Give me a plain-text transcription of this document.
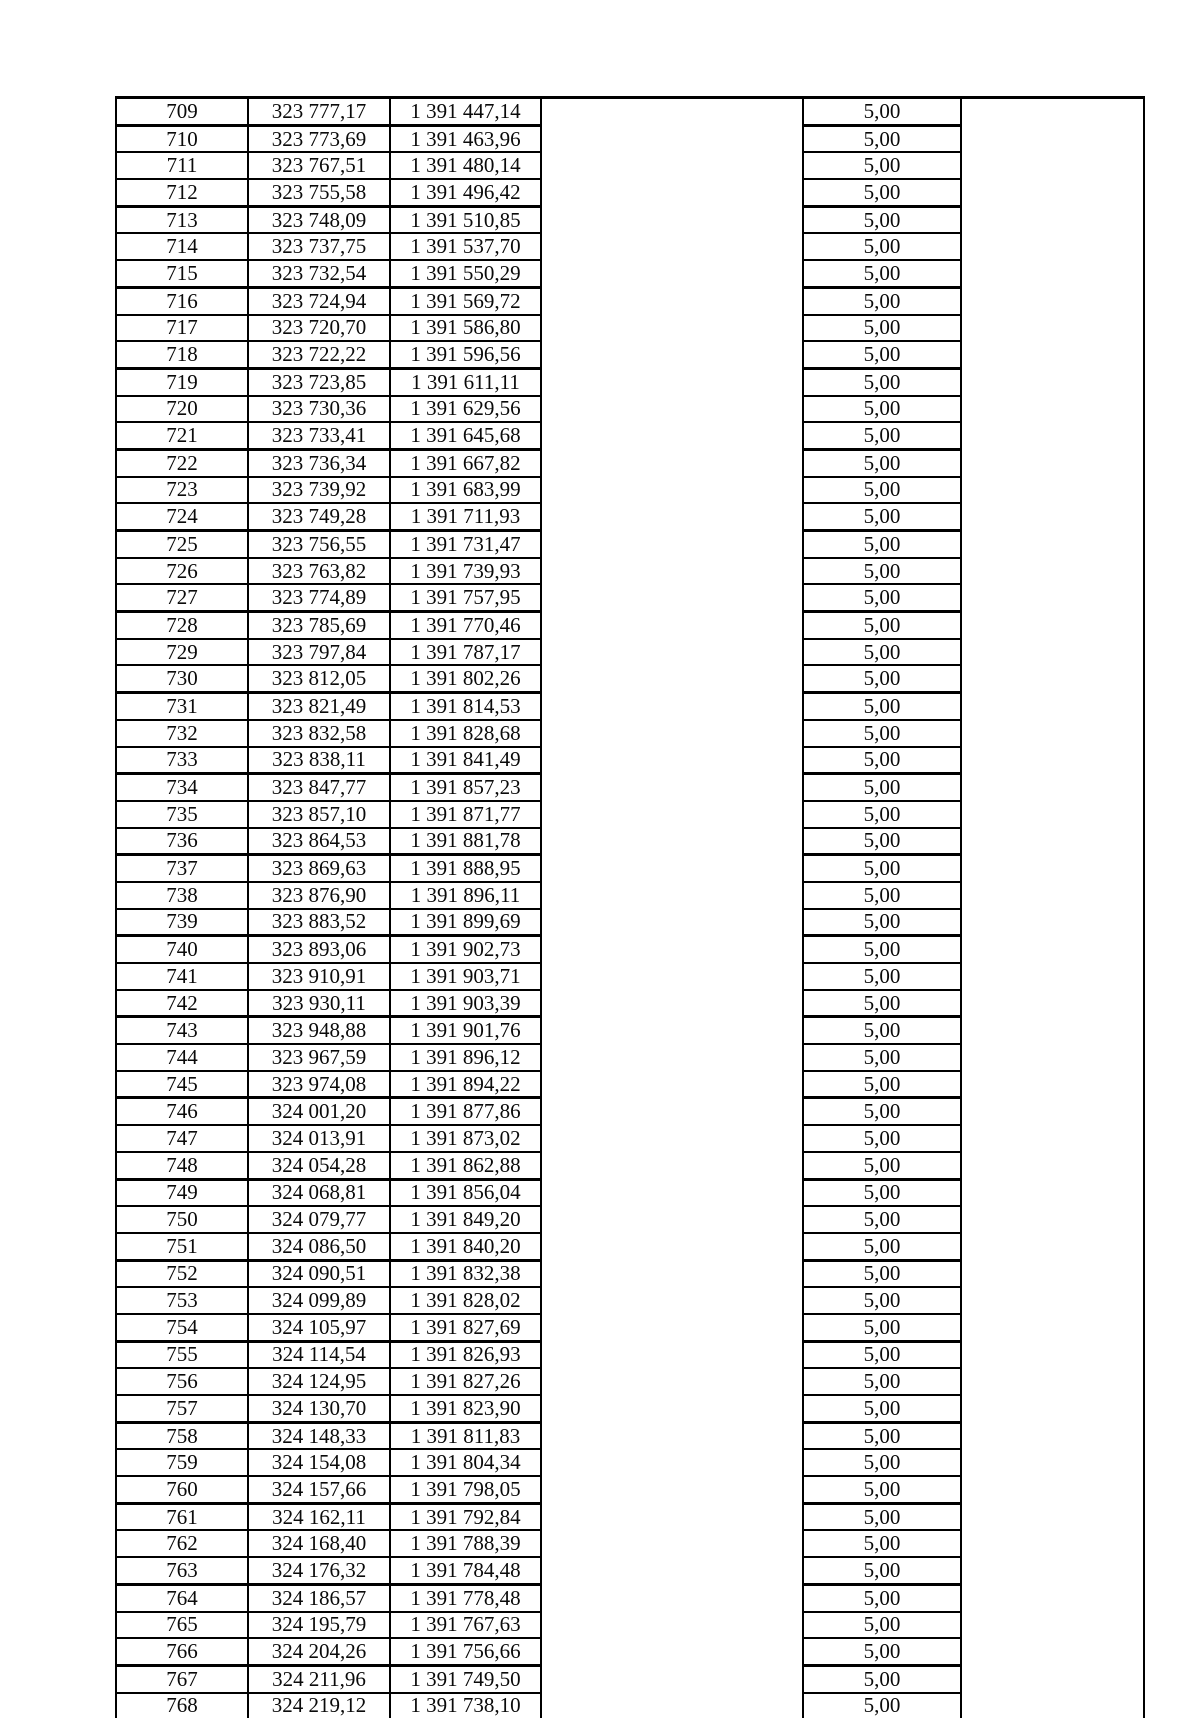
709	323 777,17	1 391 447,14		5,00	
710	323 773,69	1 391 463,96		5,00	
711	323 767,51	1 391 480,14		5,00	
712	323 755,58	1 391 496,42		5,00	
713	323 748,09	1 391 510,85		5,00	
714	323 737,75	1 391 537,70		5,00	
715	323 732,54	1 391 550,29		5,00	
716	323 724,94	1 391 569,72		5,00	
717	323 720,70	1 391 586,80		5,00	
718	323 722,22	1 391 596,56		5,00	
719	323 723,85	1 391 611,11		5,00	
720	323 730,36	1 391 629,56		5,00	
721	323 733,41	1 391 645,68		5,00	
722	323 736,34	1 391 667,82		5,00	
723	323 739,92	1 391 683,99		5,00	
724	323 749,28	1 391 711,93		5,00	
725	323 756,55	1 391 731,47		5,00	
726	323 763,82	1 391 739,93		5,00	
727	323 774,89	1 391 757,95		5,00	
728	323 785,69	1 391 770,46		5,00	
729	323 797,84	1 391 787,17		5,00	
730	323 812,05	1 391 802,26		5,00	
731	323 821,49	1 391 814,53		5,00	
732	323 832,58	1 391 828,68		5,00	
733	323 838,11	1 391 841,49		5,00	
734	323 847,77	1 391 857,23		5,00	
735	323 857,10	1 391 871,77		5,00	
736	323 864,53	1 391 881,78		5,00	
737	323 869,63	1 391 888,95		5,00	
738	323 876,90	1 391 896,11		5,00	
739	323 883,52	1 391 899,69		5,00	
740	323 893,06	1 391 902,73		5,00	
741	323 910,91	1 391 903,71		5,00	
742	323 930,11	1 391 903,39		5,00	
743	323 948,88	1 391 901,76		5,00	
744	323 967,59	1 391 896,12		5,00	
745	323 974,08	1 391 894,22		5,00	
746	324 001,20	1 391 877,86		5,00	
747	324 013,91	1 391 873,02		5,00	
748	324 054,28	1 391 862,88		5,00	
749	324 068,81	1 391 856,04		5,00	
750	324 079,77	1 391 849,20		5,00	
751	324 086,50	1 391 840,20		5,00	
752	324 090,51	1 391 832,38		5,00	
753	324 099,89	1 391 828,02		5,00	
754	324 105,97	1 391 827,69		5,00	
755	324 114,54	1 391 826,93		5,00	
756	324 124,95	1 391 827,26		5,00	
757	324 130,70	1 391 823,90		5,00	
758	324 148,33	1 391 811,83		5,00	
759	324 154,08	1 391 804,34		5,00	
760	324 157,66	1 391 798,05		5,00	
761	324 162,11	1 391 792,84		5,00	
762	324 168,40	1 391 788,39		5,00	
763	324 176,32	1 391 784,48		5,00	
764	324 186,57	1 391 778,48		5,00	
765	324 195,79	1 391 767,63		5,00	
766	324 204,26	1 391 756,66		5,00	
767	324 211,96	1 391 749,50		5,00	
768	324 219,12	1 391 738,10		5,00	
